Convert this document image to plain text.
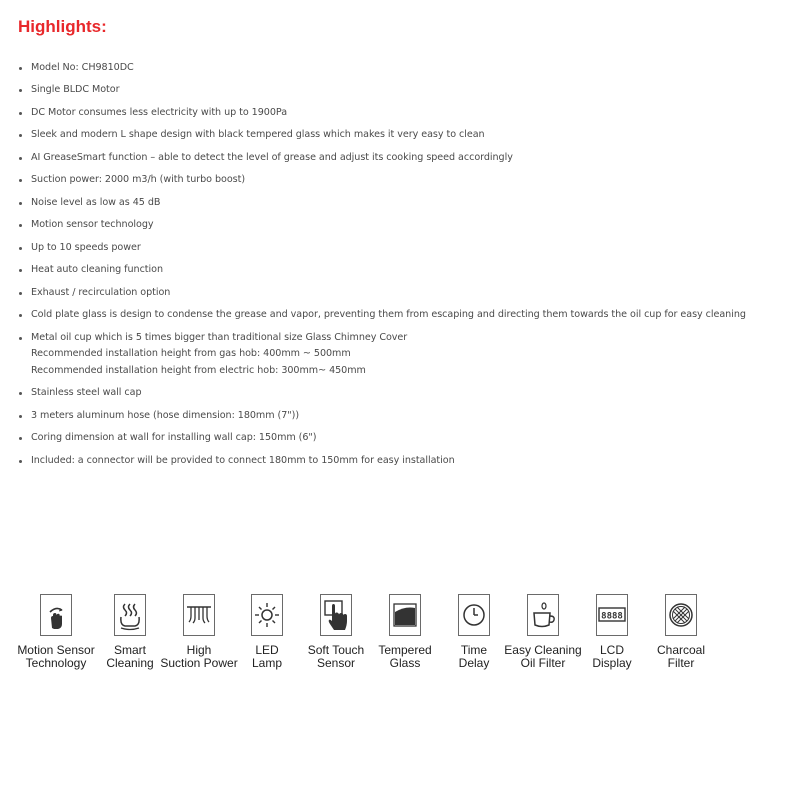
Highlights:
Model No: CH9810DC
Single BLDC Motor
DC Motor consumes less electricity with up to 1900Pa
Sleek and modern L shape design with black tempered glass which makes it very easy to clean
AI GreaseSmart function – able to detect the level of grease and adjust its cooking speed accordingly
Suction power: 2000 m3/h (with turbo boost)
Noise level as low as 45 dB
Motion sensor technology
Up to 10 speeds power
Heat auto cleaning function
Exhaust / recirculation option
Cold plate glass is design to condense the grease and vapor, preventing them from escaping and directing them towards the oil cup for easy cleaning
Metal oil cup which is 5 times bigger than traditional size Glass Chimney Cover
Recommended installation height from gas hob: 400mm ~ 500mm
Recommended installation height from electric hob: 300mm~ 450mm
Stainless steel wall cap
3 meters aluminum hose (hose dimension: 180mm (7"))
Coring dimension at wall for installing wall cap: 150mm (6")
Included: a connector will be provided to connect 180mm to 150mm for easy installation
Motion Sensor
Technology
Smart
Cleaning
High
Suction Power
LED
Lamp
Soft Touch
Sensor
Tempered
Glass
Time
Delay
Easy Cleaning
Oil Filter
8888
LCD
Display
Charcoal
Filter
